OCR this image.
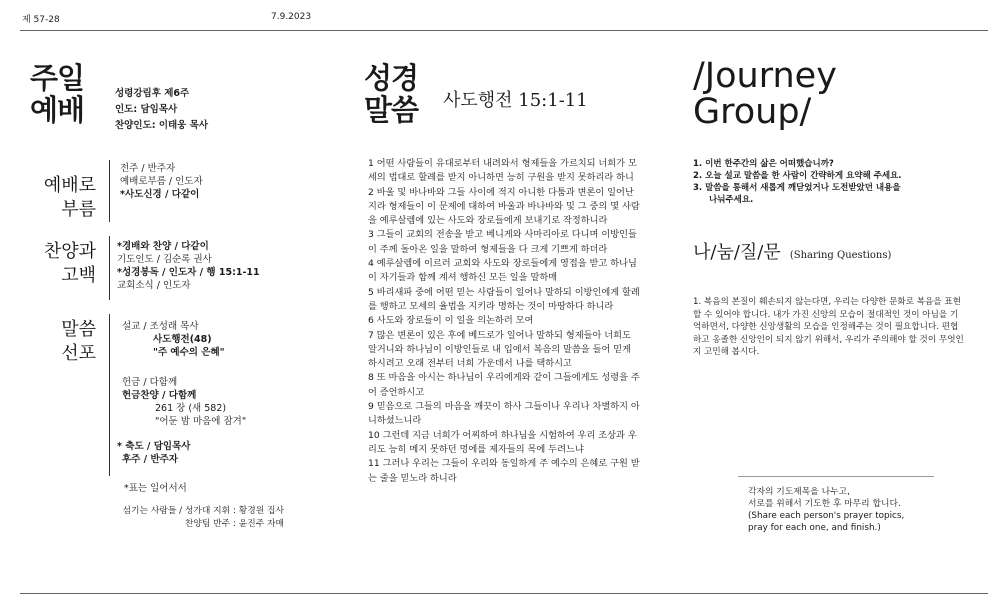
제 57-28	7.9.2023
주일
예배	성령강림후 제6주
인도: 담임목사
찬양인도: 이태웅 목사
예배로
부름
전주 / 반주자
예배로부름 / 인도자
*사도신경 / 다같이
찬양과
고백
*경배와 찬양 / 다같이
기도인도 / 김순록 권사
*성경봉독 / 인도자 / 행 15:1-11
교회소식 / 인도자
말씀
선포
설교 / 조성래 목사
사도행전(48)
"주 예수의 은혜"
헌금 / 다함께
헌금찬양 / 다함께
261 장 (새 582)
"어둔 밤 마음에 잠겨"
* 축도 / 담임목사
후주 / 반주자
*표는 일어서서
섬기는 사람들 / 성가대 지휘 : 황경원 집사
찬양팀 반주 : 윤진주 자매
성경
말씀 사도행전 15:1-11

1 어떤 사람들이 유대로부터 내려와서 형제들을 가르치되 너희가 모세의 법대로 할례를 받지 아니하면 능히 구원을 받지 못하리라 하니

2 바울 및 바나바와 그들 사이에 적지 아니한 다툼과 변론이 일어난지라 형제들이 이 문제에 대하여 바울과 바나바와 및 그 중의 몇 사람을 예루살렘에 있는 사도와 장로들에게 보내기로 작정하니라

3 그들이 교회의 전송을 받고 베니게와 사마리아로 다니며 이방인들이 주께 돌아온 일을 말하여 형제들을 다 크게 기쁘게 하더라

4 예루살렘에 이르러 교회와 사도와 장로들에게 영접을 받고 하나님이 자기들과 함께 계셔 행하신 모든 일을 말하매

5 바리새파 중에 어떤 믿는 사람들이 일어나 말하되 이방인에게 할례를 행하고 모세의 율법을 지키라 명하는 것이 마땅하다 하니라

6 사도와 장로들이 이 일을 의논하러 모여

7 많은 변론이 있은 후에 베드로가 일어나 말하되 형제들아 너희도 알거니와 하나님이 이방인들로 내 입에서 복음의 말씀을 들어 믿게 하시려고 오래 전부터 너희 가운데서 나를 택하시고

8 또 마음을 아시는 하나님이 우리에게와 같이 그들에게도 성령을 주어 증언하시고

9 믿음으로 그들의 마음을 깨끗이 하사 그들이나 우리나 차별하지 아니하셨느니라

10 그런데 지금 너희가 어찌하여 하나님을 시험하여 우리 조상과 우리도 능히 메지 못하던 멍에를 제자들의 목에 두려느냐

11 그러나 우리는 그들이 우리와 동일하게 주 예수의 은혜로 구원 받는 줄을 믿노라 하니라

/Journey
Group/
1. 이번 한주간의 삶은 어떠했습니까?
2. 오늘 설교 말씀을 한 사람이 간략하게 요약해 주세요.
3. 말씀을 통해서 새롭게 깨닫었거나 도전받았던 내용을
나눠주세요.
나/눔/질/문 (Sharing Questions)

1. 복음의 본질이 훼손되지 않는다면, 우리는 다양한 문화로 복음을 표현할 수 있어야 합니다. 내가 가진 신앙의 모습이 절대적인 것이 아님을 기억하면서, 다양한 신앙생활의 모습을 인정해주는 것이 필요합니다. 편협하고 옹졸한 신앙인이 되지 않기 위해서, 우리가 주의해야 할 것이 무엇인지 고민해 봅시다.

각자의 기도제목을 나누고,
서로를 위해서 기도한 후 마무리 합니다.
(Share each person's prayer topics,
pray for each one, and finish.)
